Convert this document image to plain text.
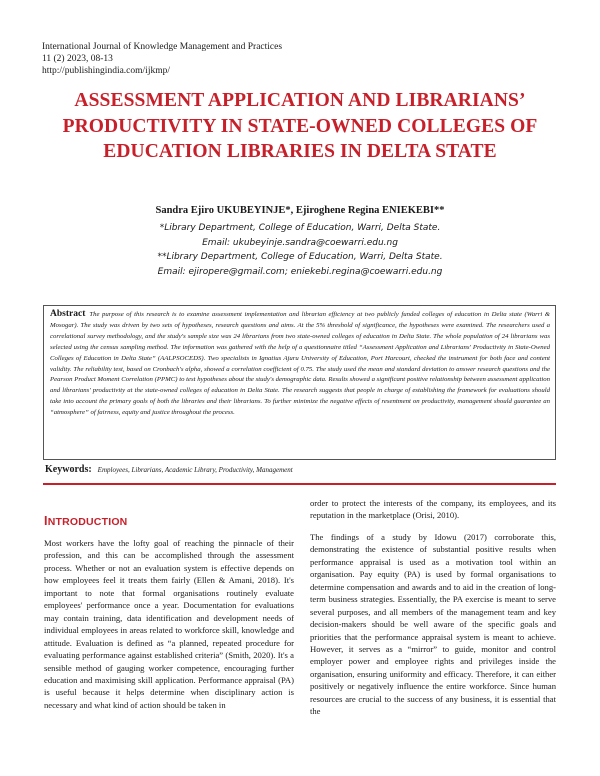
International Journal of Knowledge Management and Practices
11 (2) 2023, 08-13
http://publishingindia.com/ijkmp/
ASSESSMENT APPLICATION AND LIBRARIANS’ PRODUCTIVITY IN STATE-OWNED COLLEGES OF EDUCATION LIBRARIES IN DELTA STATE
Sandra Ejiro UKUBEYINJE*, Ejiroghene Regina ENIEKEBI**
*Library Department, College of Education, Warri, Delta State.
Email: ukubeyinje.sandra@coewarri.edu.ng
**Library Department, College of Education, Warri, Delta State.
Email: ejiropere@gmail.com; eniekebi.regina@coewarri.edu.ng
Abstract The purpose of this research is to examine assessment implementation and librarian efficiency at two publicly funded colleges of education in Delta state (Warri & Mosogar). The study was driven by two sets of hypotheses, research questions and aims. At the 5% threshold of significance, the hypotheses were examined. The researchers used a correlational survey methodology, and the study's sample size was 24 librarians from two state-owned colleges of education in Delta State. The whole population of 24 librarians was selected using the census sampling method. The information was gathered with the help of a questionnaire titled “Assessment Application and Librarians' Productivity in State-Owned Colleges of Education in Delta State” (AALPSOCEDS). Two specialists in Ignatius Ajuru University of Education, Port Harcourt, checked the instrument for both face and content validity. The reliability test, based on Cronbach's alpha, showed a correlation coefficient of 0.75. The study used the mean and standard deviation to answer research questions and the Pearson Product Moment Correlation (PPMC) to test hypotheses about the study's demographic data. Results showed a significant positive relationship between assessment application and librarians' productivity at the state-owned colleges of education in Delta State. The research suggests that people in charge of establishing the framework for evaluations should take into account the primary goals of both the libraries and their librarians. To further minimize the negative effects of resentment on productivity, management should guarantee an “atmosphere” of fairness, equity and justice throughout the process.
Keywords: Employees, Librarians, Academic Library, Productivity, Management
INTRODUCTION

Most workers have the lofty goal of reaching the pinnacle of their profession, and this can be accomplished through the assessment process. Whether or not an evaluation system is effective depends on how employees feel it treats them fairly (Ellen & Amani, 2018). It's important to note that formal organisations routinely evaluate employees' performance once a year. Documentation for evaluations may contain training, data identification and development needs of individual employees in areas related to workforce skill, knowledge and attitude. Evaluation is defined as “a planned, repeated procedure for evaluating performance against established criteria” (Smith, 2020). It's a sensible method of gauging worker competence, encouraging further education and maximising skill application. Performance appraisal (PA) is useful because it helps determine when disciplinary action is necessary and what kind of action should be taken in

order to protect the interests of the company, its employees, and its reputation in the marketplace (Orisi, 2010).

The findings of a study by Idowu (2017) corroborate this, demonstrating the existence of substantial positive results when performance appraisal is used as a motivation tool within an organisation. Pay equity (PA) is used by formal organisations to determine compensation and awards and to aid in the creation of long-term business strategies. Essentially, the PA exercise is meant to serve several purposes, and all members of the management team and key decision-makers should be well aware of the specific goals and priorities that the performance appraisal system is meant to achieve. However, it serves as a “mirror” to guide, monitor and control employer power and employee rights and privileges inside the organisation, ensuring uniformity and efficacy. Therefore, it can either positively or negatively influence the entire workforce. Since human resources are crucial to the success of any business, it is essential that the
